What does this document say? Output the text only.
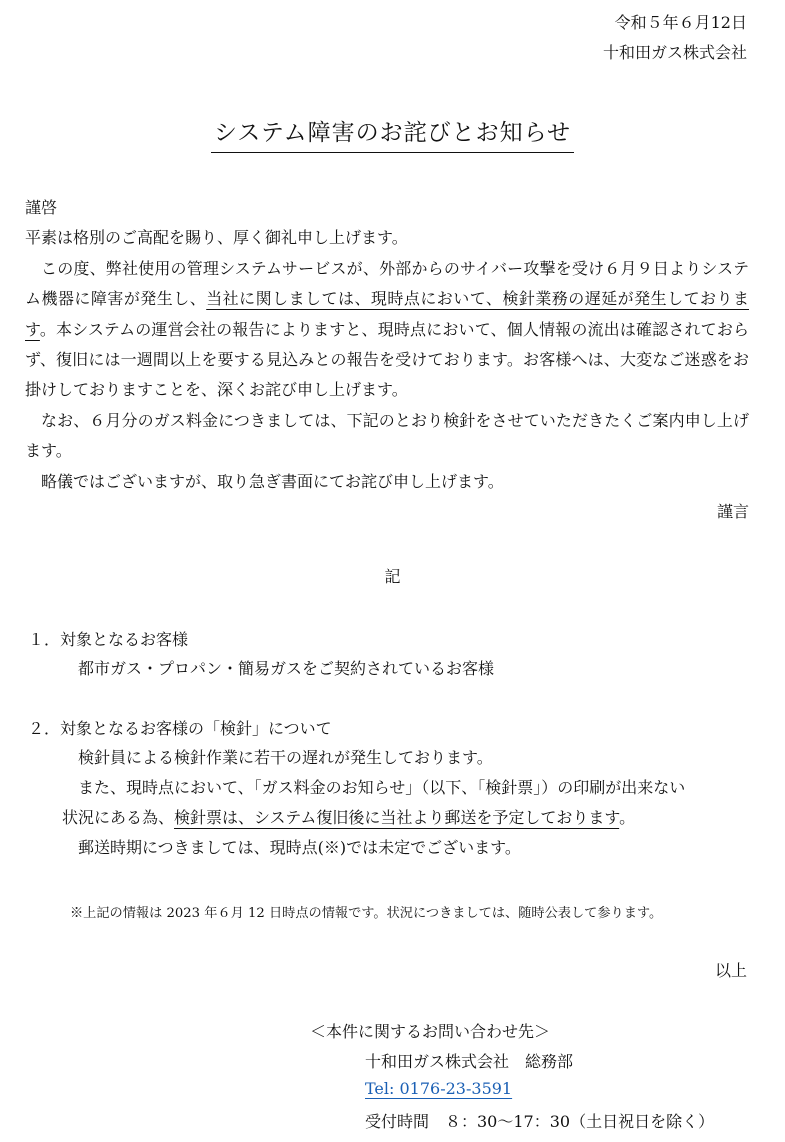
令和５年６月12日
十和田ガス株式会社
システム障害のお詫びとお知らせ

謹啓

平素は格別のご高配を賜り、厚く御礼申し上げます。

この度、弊社使用の管理システムサービスが、外部からのサイバー攻撃を受け６月９日よりシステム機器に障害が発生し、当社に関しましては、現時点において、検針業務の遅延が発生しております。本システムの運営会社の報告によりますと、現時点において、個人情報の流出は確認されておらず、復旧には一週間以上を要する見込みとの報告を受けております。お客様へは、大変なご迷惑をお掛けしておりますことを、深くお詫び申し上げます。

なお、６月分のガス料金につきましては、下記のとおり検針をさせていただきたくご案内申し上げます。

略儀ではございますが、取り急ぎ書面にてお詫び申し上げます。

謹言

記
１．対象となるお客様
都市ガス・プロパン・簡易ガスをご契約されているお客様
２．対象となるお客様の「検針」について
検針員による検針作業に若干の遅れが発生しております。
また、現時点において、「ガス料金のお知らせ」（以下、「検針票」）の印刷が出来ない
状況にある為、検針票は、システム復旧後に当社より郵送を予定しております。
郵送時期につきましては、現時点(※)では未定でございます。
※上記の情報は 2023 年６月 12 日時点の情報です。状況につきましては、随時公表して参ります。
以上
＜本件に関するお問い合わせ先＞
十和田ガス株式会社　総務部
Tel: 0176-23-3591
受付時間　８：30～17：30（土日祝日を除く）
